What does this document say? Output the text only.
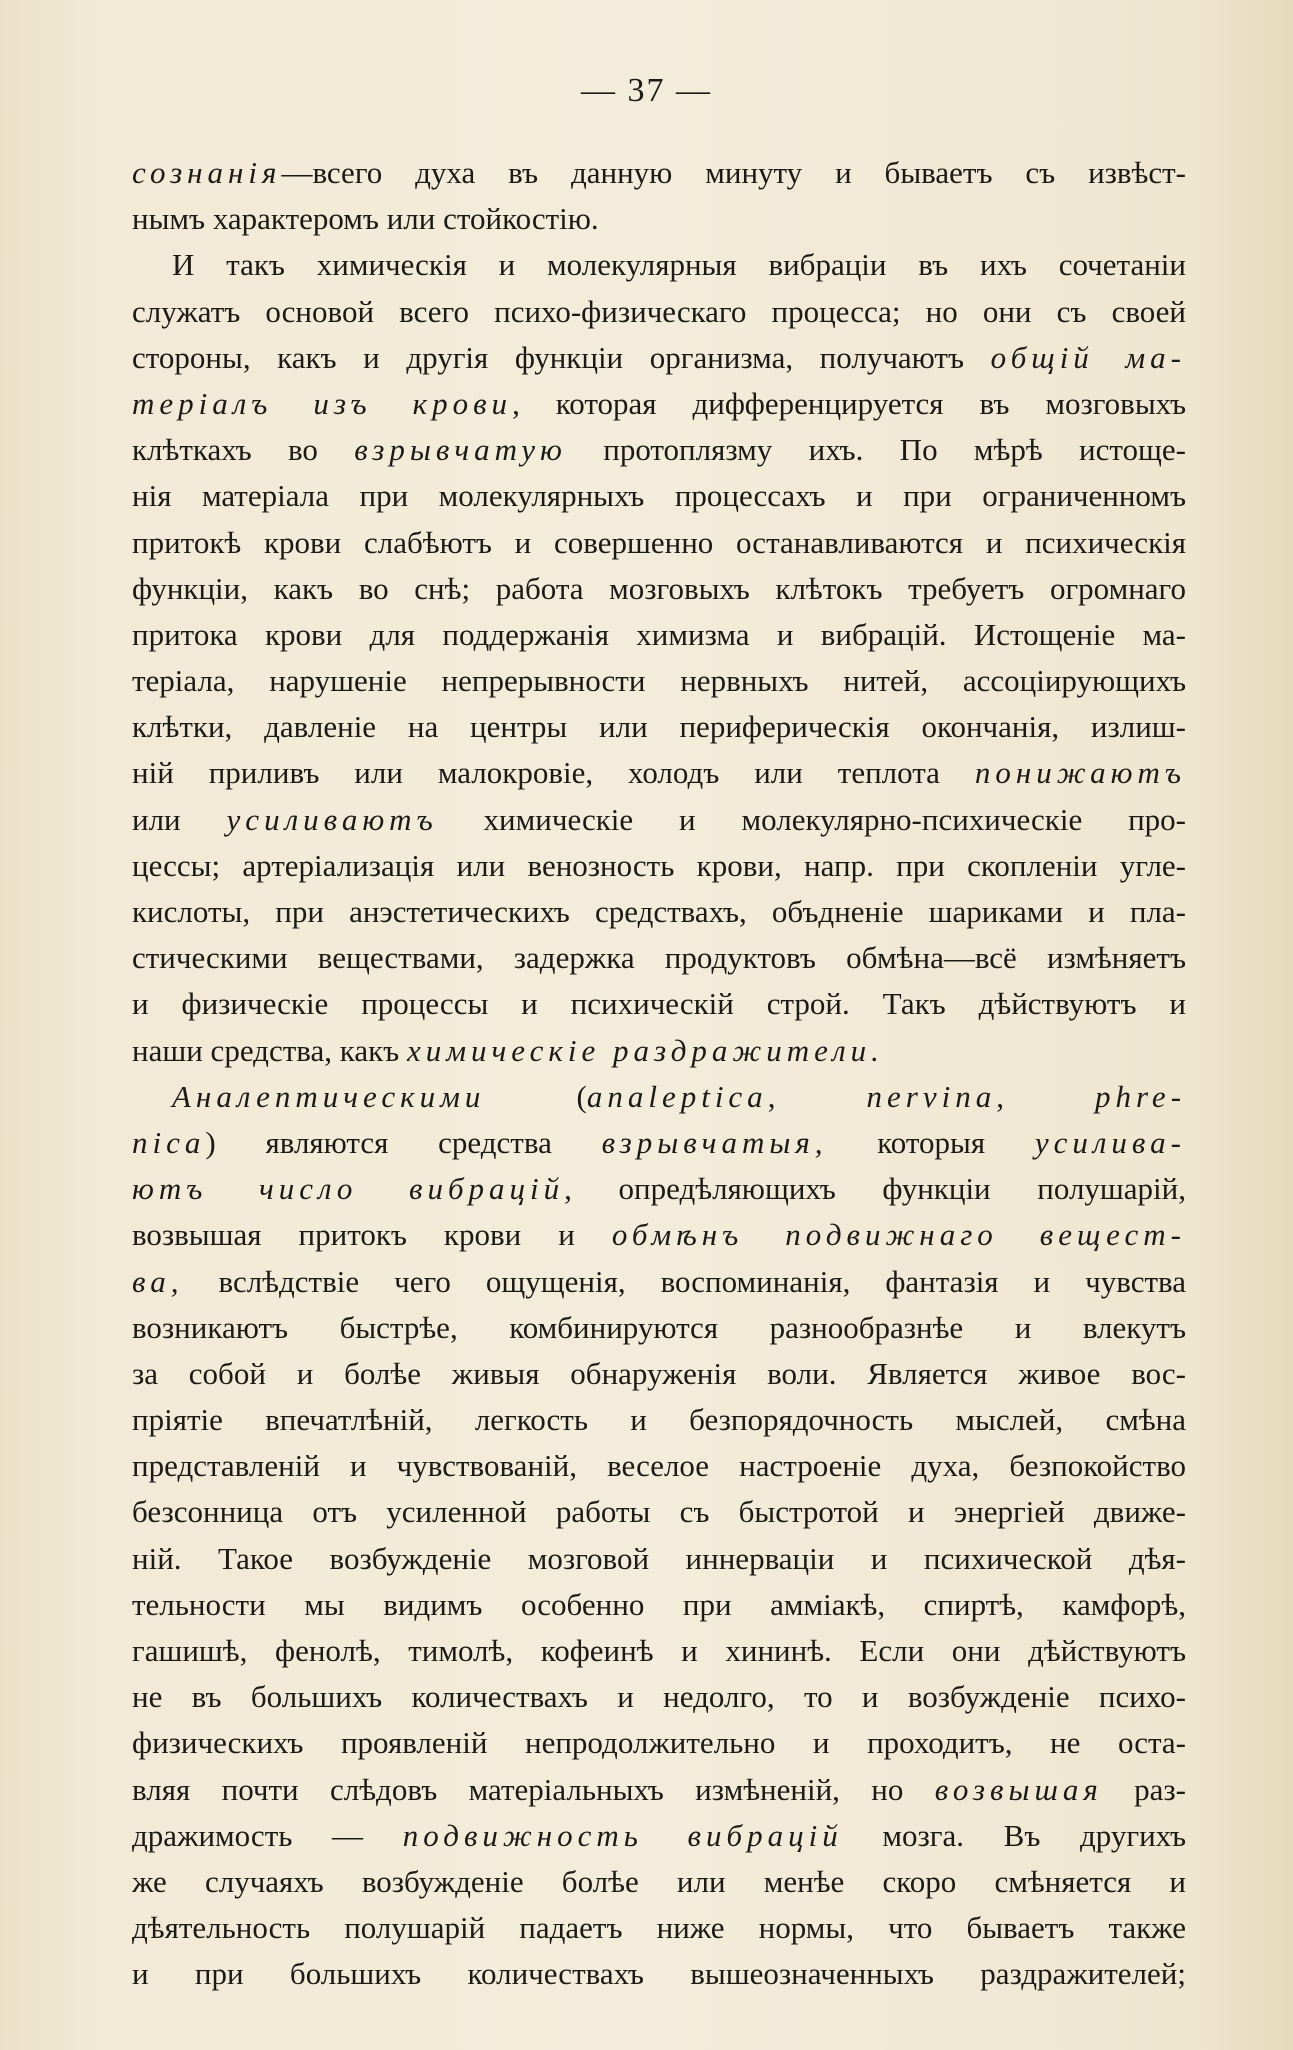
— 37 —
сознанія—всего духа въ данную минуту и бываетъ съ извѣст-
нымъ характеромъ или стойкостію.
И такъ химическія и молекулярныя вибраціи въ ихъ сочетаніи
служатъ основой всего психо-физическаго процесса; но они съ своей
стороны, какъ и другія функціи организма, получаютъ общій ма-
теріалъ изъ крови, которая дифференцируется въ мозговыхъ
клѣткахъ во взрывчатую протоплязму ихъ. По мѣрѣ истоще-
нія матеріала при молекулярныхъ процессахъ и при ограниченномъ
притокѣ крови слабѣютъ и совершенно останавливаются и психическія
функціи, какъ во снѣ; работа мозговыхъ клѣтокъ требуетъ огромнаго
притока крови для поддержанія химизма и вибрацій. Истощеніе ма-
теріала, нарушеніе непрерывности нервныхъ нитей, ассоціирующихъ
клѣтки, давленіе на центры или периферическія окончанія, излиш-
ній приливъ или малокровіе, холодъ или теплота понижаютъ
или усиливаютъ химическіе и молекулярно-психическіе про-
цессы; артеріализація или венозность крови, напр. при скопленіи угле-
кислоты, при анэстетическихъ средствахъ, объдненіе шариками и пла-
стическими веществами, задержка продуктовъ обмѣна—всё измѣняетъ
и физическіе процессы и психическій строй. Такъ дѣйствуютъ и
наши средства, какъ химическіе раздражители.
Аналептическими (analeptica, nervina, phre-
nica) являются средства взрывчатыя, которыя усилива-
ютъ число вибрацій, опредѣляющихъ функціи полушарій,
возвышая притокъ крови и обмѣнъ подвижнаго вещест-
ва, вслѣдствіе чего ощущенія, воспоминанія, фантазія и чувства
возникаютъ быстрѣе, комбинируются разнообразнѣе и влекутъ
за собой и болѣе живыя обнаруженія воли. Является живое вос-
пріятіе впечатлѣній, легкость и безпорядочность мыслей, смѣна
представленій и чувствованій, веселое настроеніе духа, безпокойство
безсонница отъ усиленной работы съ быстротой и энергіей движе-
ній. Такое возбужденіе мозговой иннерваціи и психической дѣя-
тельности мы видимъ особенно при амміакѣ, спиртѣ, камфорѣ,
гашишѣ, фенолѣ, тимолѣ, кофеинѣ и хининѣ. Если они дѣйствуютъ
не въ большихъ количествахъ и недолго, то и возбужденіе психо-
физическихъ проявленій непродолжительно и проходитъ, не оста-
вляя почти слѣдовъ матеріальныхъ измѣненій, но возвышая раз-
дражимость — подвижность вибрацій мозга. Въ другихъ
же случаяхъ возбужденіе болѣе или менѣе скоро смѣняется и
дѣятельность полушарій падаетъ ниже нормы, что бываетъ также
и при большихъ количествахъ вышеозначенныхъ раздражителей;
